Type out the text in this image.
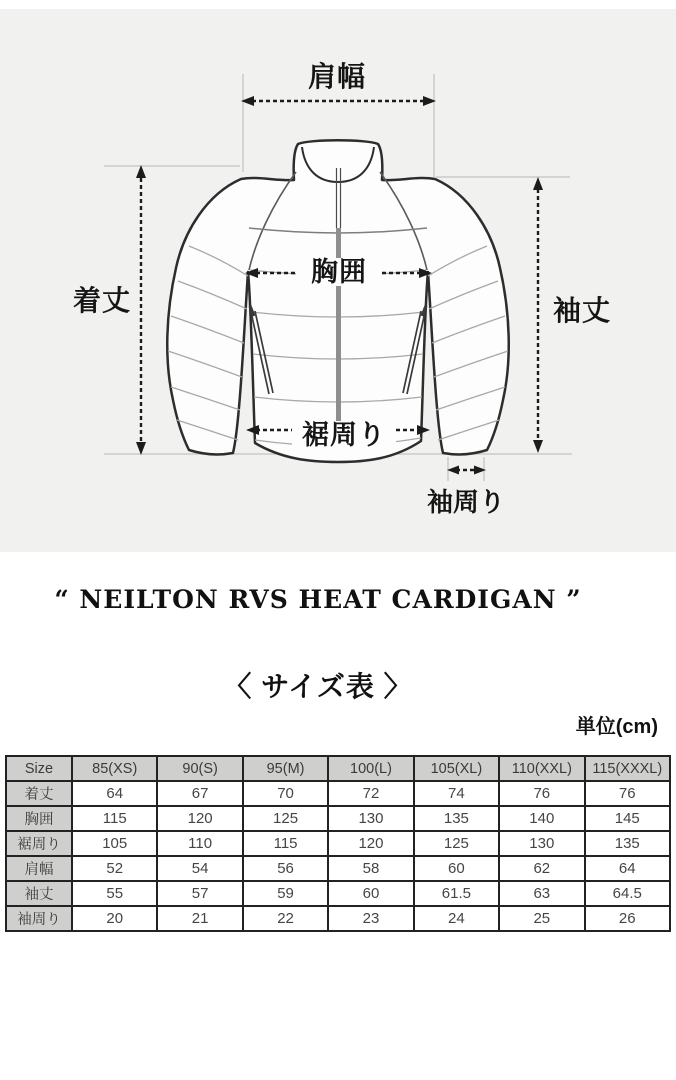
肩幅
着丈
胸囲
袖丈
裾周り
袖周り
“ NEILTON RVS HEAT CARDIGAN ”
〈 サイズ表 〉
単位(cm)
Size	85(XS)	90(S)	95(M)	100(L)	105(XL)	110(XXL)	115(XXXL)
着丈	64	67	70	72	74	76	76
胸囲	115	120	125	130	135	140	145
裾周り	105	110	115	120	125	130	135
肩幅	52	54	56	58	60	62	64
袖丈	55	57	59	60	61.5	63	64.5
袖周り	20	21	22	23	24	25	26
